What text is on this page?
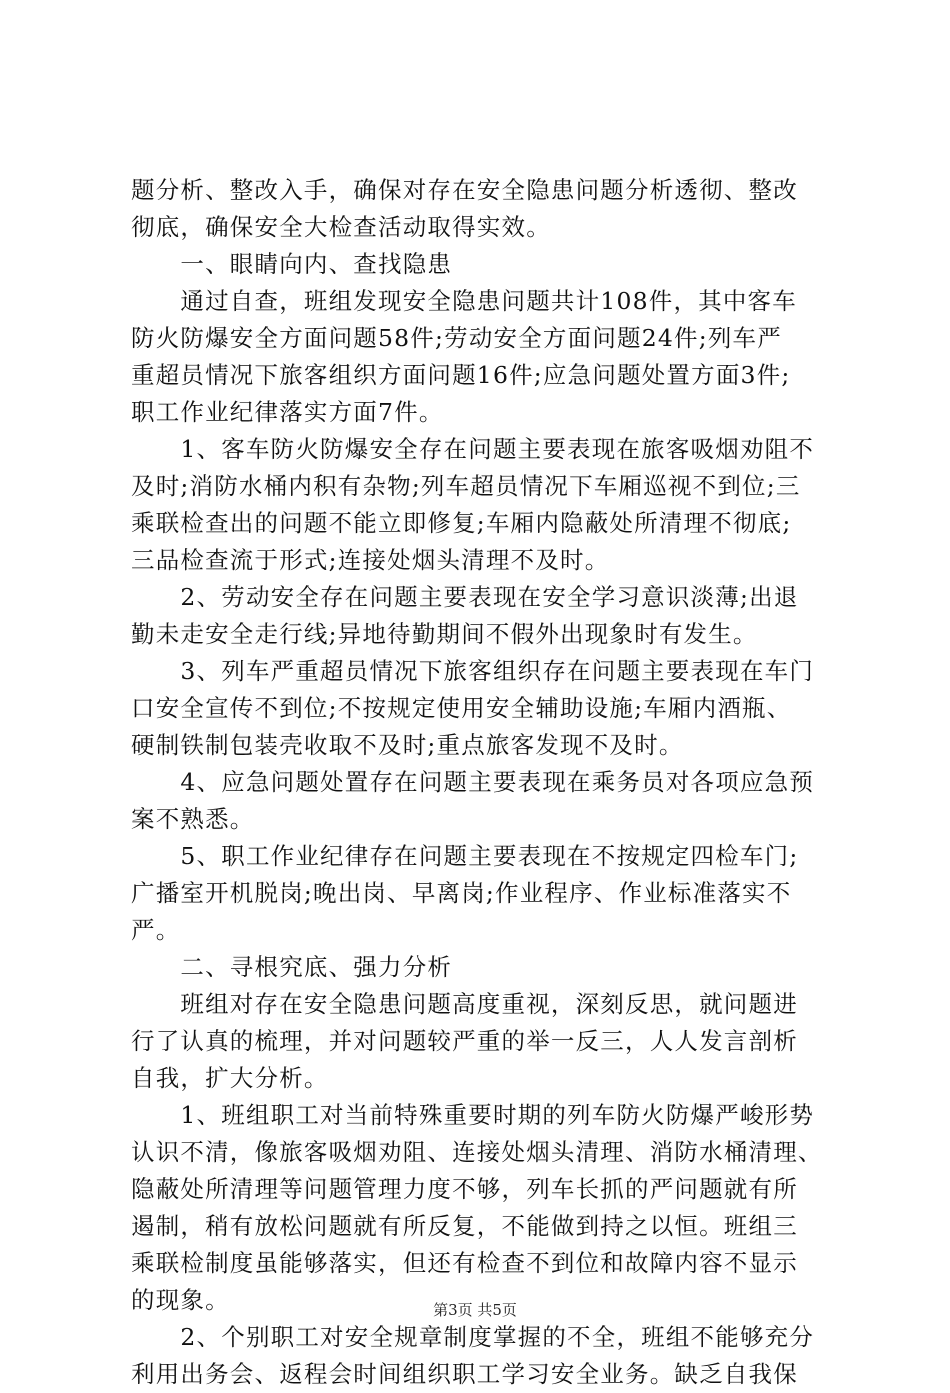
题分析、整改入手，确保对存在安全隐患问题分析透彻、整改
彻底，确保安全大检查活动取得实效。
　　一、眼睛向内、查找隐患
　　通过自查，班组发现安全隐患问题共计108件，其中客车
防火防爆安全方面问题58件;劳动安全方面问题24件;列车严
重超员情况下旅客组织方面问题16件;应急问题处置方面3件;
职工作业纪律落实方面7件。
　　1、客车防火防爆安全存在问题主要表现在旅客吸烟劝阻不
及时;消防水桶内积有杂物;列车超员情况下车厢巡视不到位;三
乘联检查出的问题不能立即修复;车厢内隐蔽处所清理不彻底;
三品检查流于形式;连接处烟头清理不及时。
　　2、劳动安全存在问题主要表现在安全学习意识淡薄;出退
勤未走安全走行线;异地待勤期间不假外出现象时有发生。
　　3、列车严重超员情况下旅客组织存在问题主要表现在车门
口安全宣传不到位;不按规定使用安全辅助设施;车厢内酒瓶、
硬制铁制包装壳收取不及时;重点旅客发现不及时。
　　4、应急问题处置存在问题主要表现在乘务员对各项应急预
案不熟悉。
　　5、职工作业纪律存在问题主要表现在不按规定四检车门;
广播室开机脱岗;晚出岗、早离岗;作业程序、作业标准落实不
严。
　　二、寻根究底、强力分析
　　班组对存在安全隐患问题高度重视，深刻反思，就问题进
行了认真的梳理，并对问题较严重的举一反三，人人发言剖析
自我，扩大分析。
　　1、班组职工对当前特殊重要时期的列车防火防爆严峻形势
认识不清，像旅客吸烟劝阻、连接处烟头清理、消防水桶清理、
隐蔽处所清理等问题管理力度不够，列车长抓的严问题就有所
遏制，稍有放松问题就有所反复，不能做到持之以恒。班组三
乘联检制度虽能够落实，但还有检查不到位和故障内容不显示
的现象。
　　2、个别职工对安全规章制度掌握的不全，班组不能够充分
利用出务会、返程会时间组织职工学习安全业务。缺乏自我保
第3页 共5页
